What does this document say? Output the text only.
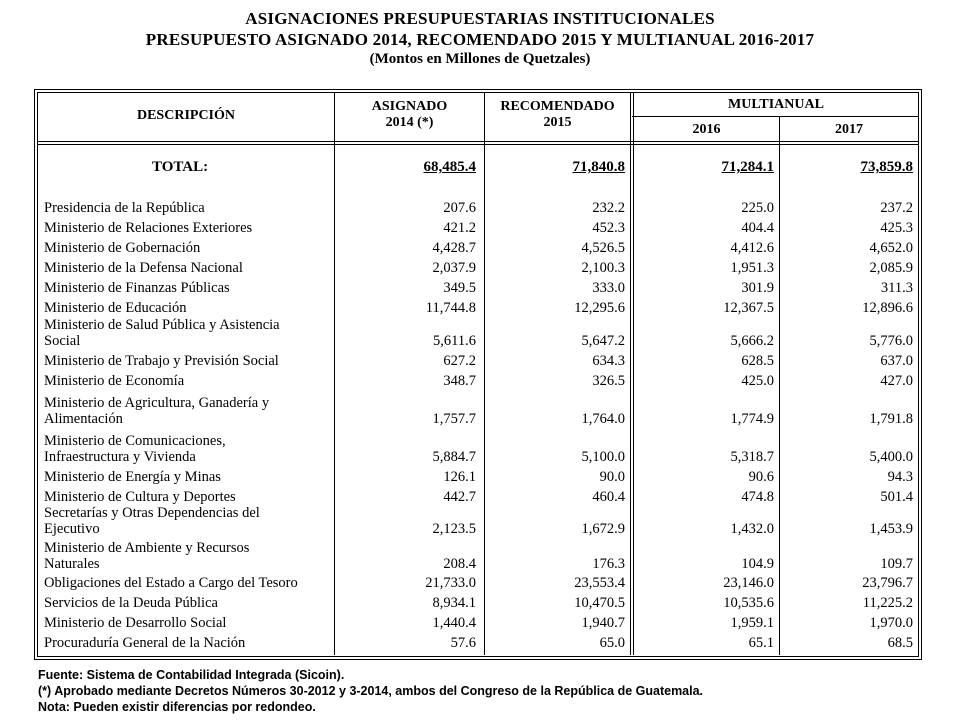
ASIGNACIONES PRESUPUESTARIAS INSTITUCIONALES
PRESUPUESTO ASIGNADO 2014, RECOMENDADO 2015 Y MULTIANUAL 2016-2017
(Montos en Millones de Quetzales)
DESCRIPCIÓN
ASIGNADO
2014 (*)
RECOMENDADO
2015
MULTIANUAL
2016	2017
TOTAL:	68,485.4	71,840.8	71,284.1	73,859.8
Presidencia de la República	207.6	232.2	225.0	237.2
Ministerio de Relaciones Exteriores	421.2	452.3	404.4	425.3
Ministerio de Gobernación	4,428.7	4,526.5	4,412.6	4,652.0
Ministerio de la Defensa Nacional	2,037.9	2,100.3	1,951.3	2,085.9
Ministerio de Finanzas Públicas	349.5	333.0	301.9	311.3
Ministerio de Educación	11,744.8	12,295.6	12,367.5	12,896.6
Ministerio de Salud Pública y Asistencia
Social	5,611.6	5,647.2	5,666.2	5,776.0
Ministerio de Trabajo y Previsión Social	627.2	634.3	628.5	637.0
Ministerio de Economía	348.7	326.5	425.0	427.0
Ministerio de Agricultura, Ganadería y
Alimentación	1,757.7	1,764.0	1,774.9	1,791.8
Ministerio de Comunicaciones,
Infraestructura y Vivienda	5,884.7	5,100.0	5,318.7	5,400.0
Ministerio de Energía y Minas	126.1	90.0	90.6	94.3
Ministerio de Cultura y Deportes	442.7	460.4	474.8	501.4
Secretarías y Otras Dependencias del
Ejecutivo	2,123.5	1,672.9	1,432.0	1,453.9
Ministerio de Ambiente y Recursos
Naturales	208.4	176.3	104.9	109.7
Obligaciones del Estado a Cargo del Tesoro	21,733.0	23,553.4	23,146.0	23,796.7
Servicios de la Deuda Pública	8,934.1	10,470.5	10,535.6	11,225.2
Ministerio de Desarrollo Social	1,440.4	1,940.7	1,959.1	1,970.0
Procuraduría General de la Nación	57.6	65.0	65.1	68.5
Fuente: Sistema de Contabilidad Integrada (Sicoin).
(*) Aprobado mediante Decretos Números 30-2012 y 3-2014, ambos del Congreso de la República de Guatemala.
Nota: Pueden existir diferencias por redondeo.
